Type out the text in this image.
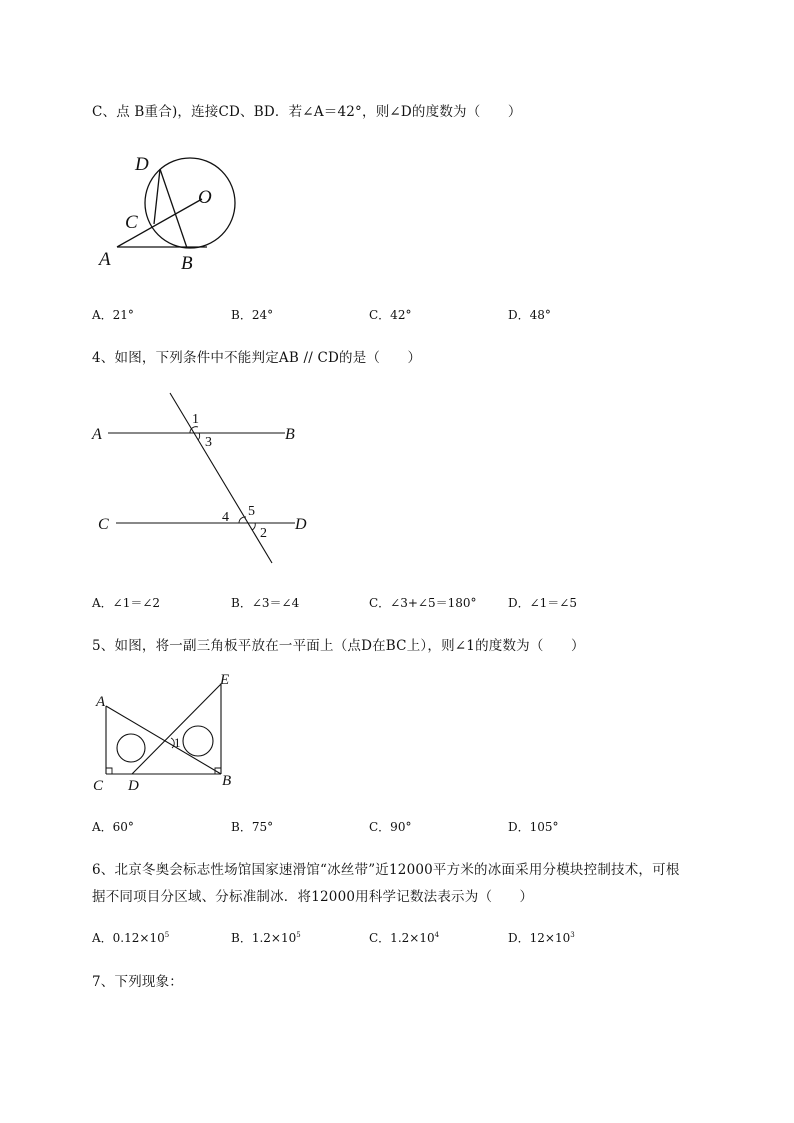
C、点 B重合)，连接CD、BD．若∠A＝42°，则∠D的度数为（　　）
D
O
C
A	B
A．21°	B．24°	C．42°	D．48°
4、如图，下列条件中不能判定AB // CD的是（　　）
A	B
C	D
1
3
4 5
2
A．∠1＝∠2	B．∠3＝∠4	C．∠3+∠5＝180°	D．∠1＝∠5
5、如图，将一副三角板平放在一平面上（点D在BC上），则∠1的度数为（　　）
A
E
C D	B
1
A．60°	B．75°	C．90°	D．105°
6、北京冬奥会标志性场馆国家速滑馆“冰丝带”近12000平方米的冰面采用分模块控制技术，可根
据不同项目分区域、分标准制冰．将12000用科学记数法表示为（　　）
A．$0.12\times 10^5$	B．$1.2\times 10^5$	C．$1.2\times 10^4$	D．$12\times 10^3$
7、下列现象：
